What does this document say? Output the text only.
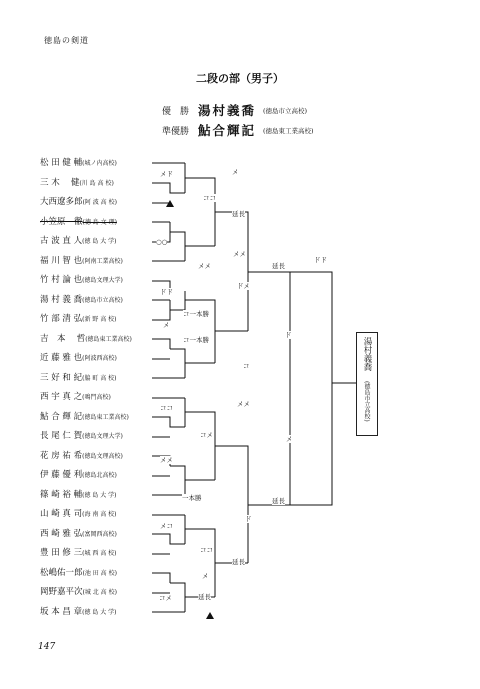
徳島の剣道
二段の部（男子）
優　勝 湯村義喬 (徳島市立高校)
準優勝 鮎合輝記 (徳島東工業高校)
松 田 健 輔(城ノ内高校)
三 木　 健(川 島 高 校)
大西遼多郎(阿 波 高 校)
小笠原　徹(徳 島 文 理)
古 波 直 人(徳 島 大 学)
福 川 智 也(阿南工業高校)
竹 村 論 也(徳島文理大学)
湯 村 義 喬(徳島市立高校)
竹 部 清 弘(新 野 高 校)
吉　本　 哲(徳島東工業高校)
近 藤 雅 也(阿波西高校)
三 好 和 紀(脇 町 高 校)
西 宇 真 之(鳴門高校)
鮎 合 輝 記(徳島東工業高校)
長 尾 仁 賀(徳島文理大学)
花 房 祐 希(徳島文理高校)
伊 藤 優 利(徳島北高校)
篠 崎 裕 輔(徳 島 大 学)
山 崎 真 司(海 南 高 校)
西 崎 雅 弘(富岡西高校)
豊 田 修 三(城 西 高 校)
松嶋佑一郎(池 田 高 校)
岡野嘉平次(城 北 高 校)
坂 本 昌 章(徳 島 大 学)
メド
ココ
メ
延長
○○
メメ
メメ
ドド
コ一本勝
メ
コ一本勝
ドメ
延長
ドド
ド
コ
ココ	メメ
コメ
メメ
メ
一本勝	延長
ド
メコ
ココ
延長
メ
コメ	延長
湯村義喬
(徳島市立高校)
147
